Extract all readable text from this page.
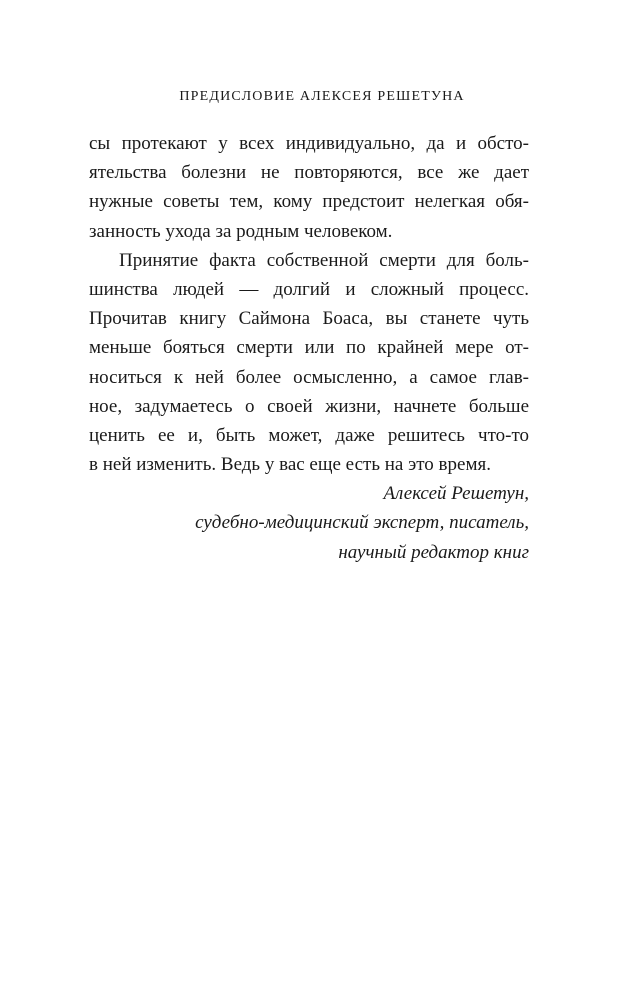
ПРЕДИСЛОВИЕ АЛЕКСЕЯ РЕШЕТУНА
сы протекают у всех индивидуально, да и обсто-
ятельства болезни не повторяются, все же дает
нужные советы тем, кому предстоит нелегкая обя-
занность ухода за родным человеком.
Принятие факта собственной смерти для боль-
шинства людей — долгий и сложный процесс.
Прочитав книгу Саймона Боаса, вы станете чуть
меньше бояться смерти или по крайней мере от-
носиться к ней более осмысленно, а самое глав-
ное, задумаетесь о своей жизни, начнете больше
ценить ее и, быть может, даже решитесь что-то
в ней изменить. Ведь у вас еще есть на это время.
Алексей Решетун,
судебно-медицинский эксперт, писатель,
научный редактор книг
